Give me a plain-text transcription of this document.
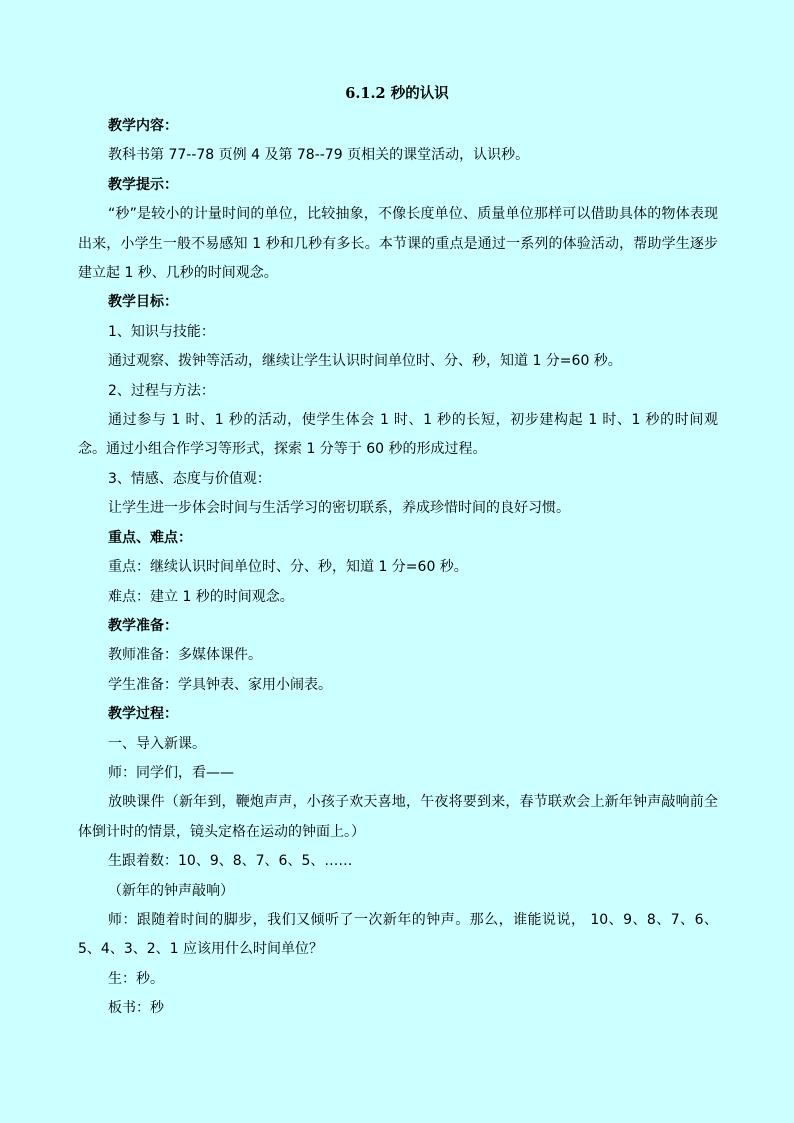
6.1.2 秒的认识

教学内容：

教科书第 77--78 页例 4 及第 78--79 页相关的课堂活动，认识秒。

教学提示：

“秒”是较小的计量时间的单位，比较抽象，不像长度单位、质量单位那样可以借助具体的物体表现出来，小学生一般不易感知 1 秒和几秒有多长。本节课的重点是通过一系列的体验活动，帮助学生逐步建立起 1 秒、几秒的时间观念。

教学目标：

1、知识与技能：

通过观察、拨钟等活动，继续让学生认识时间单位时、分、秒，知道 1 分=60 秒。

2、过程与方法：

通过参与 1 时、1 秒的活动，使学生体会 1 时、1 秒的长短，初步建构起 1 时、1 秒的时间观念。通过小组合作学习等形式，探索 1 分等于 60 秒的形成过程。

3、情感、态度与价值观：

让学生进一步体会时间与生活学习的密切联系，养成珍惜时间的良好习惯。

重点、难点：

重点：继续认识时间单位时、分、秒，知道 1 分=60 秒。

难点：建立 1 秒的时间观念。

教学准备：

教师准备：多媒体课件。

学生准备：学具钟表、家用小闹表。

教学过程：

一、导入新课。

师：同学们，看——

放映课件（新年到，鞭炮声声，小孩子欢天喜地，午夜将要到来，春节联欢会上新年钟声敲响前全体倒计时的情景，镜头定格在运动的钟面上。）

生跟着数：10、9、8、7、6、5、……

（新年的钟声敲响）

师：跟随着时间的脚步，我们又倾听了一次新年的钟声。那么，谁能说说， 10、9、8、7、6、5、4、3、2、1 应该用什么时间单位？

生：秒。

板书：秒
